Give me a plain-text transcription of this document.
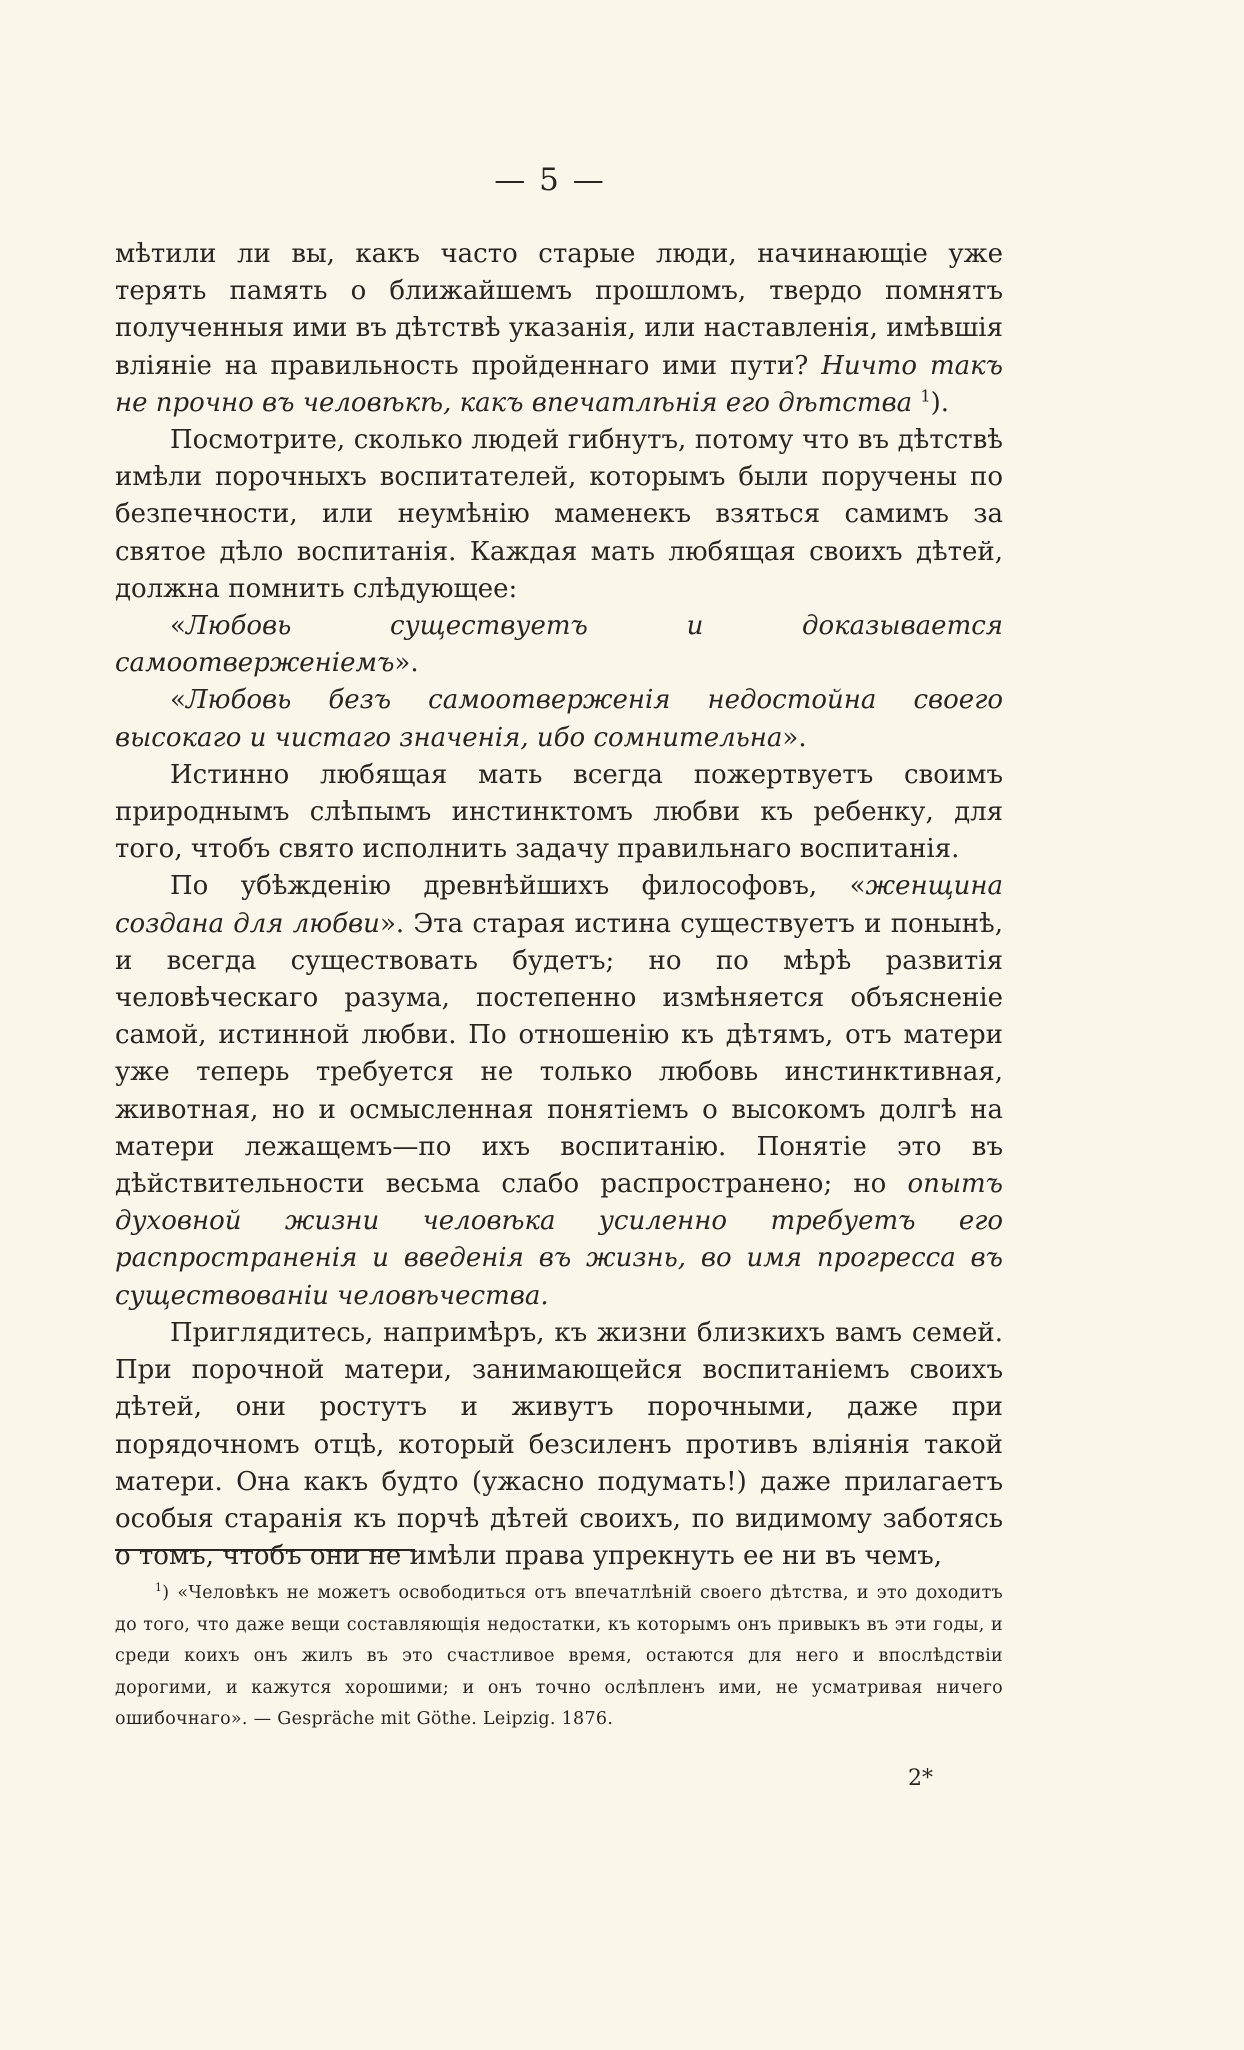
— 5 —

мѣтили ли вы, какъ часто старые люди, начинающіе уже терять память о ближайшемъ прошломъ, твердо помнятъ полученныя ими въ дѣтствѣ указанія, или наставленія, имѣвшія вліяніе на правильность пройденнаго ими пути? Ничто такъ не прочно въ человѣкѣ, какъ впечатлѣнія его дѣтства $^1$).

Посмотрите, сколько людей гибнутъ, потому что въ дѣтствѣ имѣли порочныхъ воспитателей, которымъ были поручены по безпечности, или неумѣнію маменекъ взяться самимъ за святое дѣло воспитанія. Каждая мать любящая своихъ дѣтей, должна помнить слѣдующее:

«Любовь существуетъ и доказывается самоотверженіемъ».

«Любовь безъ самоотверженія недостойна своего высокаго и чистаго значенія, ибо сомнительна».

Истинно любящая мать всегда пожертвуетъ своимъ природнымъ слѣпымъ инстинктомъ любви къ ребенку, для того, чтобъ свято исполнить задачу правильнаго воспитанія.

По убѣжденію древнѣйшихъ философовъ, «женщина создана для любви». Эта старая истина существуетъ и понынѣ, и всегда существовать будетъ; но по мѣрѣ развитія человѣческаго разума, постепенно измѣняется объясненіе самой, истинной любви. По отношенію къ дѣтямъ, отъ матери уже теперь требуется не только любовь инстинктивная, животная, но и осмысленная понятіемъ о высокомъ долгѣ на матери лежащемъ—по ихъ воспитанію. Понятіе это въ дѣйствительности весьма слабо распространено; но опытъ духовной жизни человѣка усиленно требуетъ его распространенія и введенія въ жизнь, во имя прогресса въ существованіи человѣчества.

Приглядитесь, напримѣръ, къ жизни близкихъ вамъ семей. При порочной матери, занимающейся воспитаніемъ своихъ дѣтей, они ростутъ и живутъ порочными, даже при порядочномъ отцѣ, который безсиленъ противъ вліянія такой матери. Она какъ будто (ужасно подумать!) даже прилагаетъ особыя старанія къ порчѣ дѣтей своихъ, по видимому заботясь о томъ, чтобъ они не имѣли права упрекнуть ее ни въ чемъ,

$^1$) «Человѣкъ не можетъ освободиться отъ впечатлѣній своего дѣтства, и это доходитъ до того, что даже вещи составляющія недостатки, къ которымъ онъ привыкъ въ эти годы, и среди коихъ онъ жилъ въ это счастливое время, остаются для него и впослѣдствіи дорогими, и кажутся хорошими; и онъ точно ослѣпленъ ими, не усматривая ничего ошибочнаго». — Gespräche mit Göthe. Leipzig. 1876.

2*
